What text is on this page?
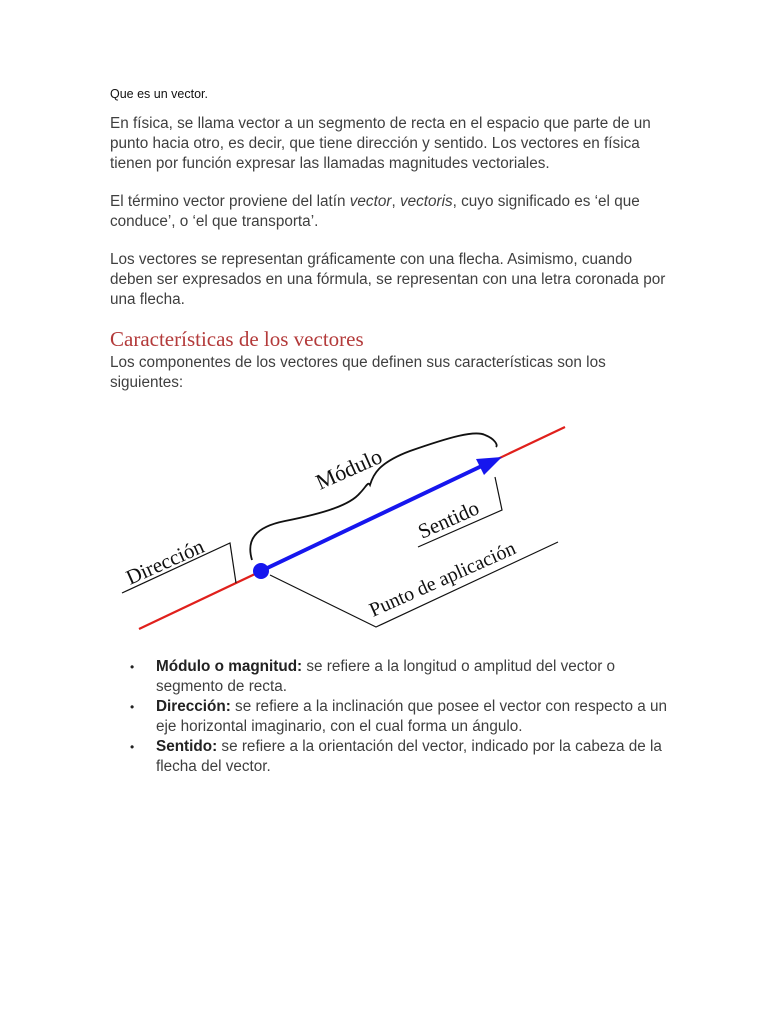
Que es un vector.
En física, se llama vector a un segmento de recta en el espacio que parte de un punto hacia otro, es decir, que tiene dirección y sentido. Los vectores en física tienen por función expresar las llamadas magnitudes vectoriales.
El término vector proviene del latín vector, vectoris, cuyo significado es ‘el que conduce’, o ‘el que transporta’.
Los vectores se representan gráficamente con una flecha. Asimismo, cuando deben ser expresados en una fórmula, se representan con una letra coronada por una flecha.
Características de los vectores
Los componentes de los vectores que definen sus características son los siguientes:
Módulo
Dirección
Sentido
Punto de aplicación
• Módulo o magnitud: se refiere a la longitud o amplitud del vector o segmento de recta.
• Dirección: se refiere a la inclinación que posee el vector con respecto a un eje horizontal imaginario, con el cual forma un ángulo.
• Sentido: se refiere a la orientación del vector, indicado por la cabeza de la flecha del vector.
